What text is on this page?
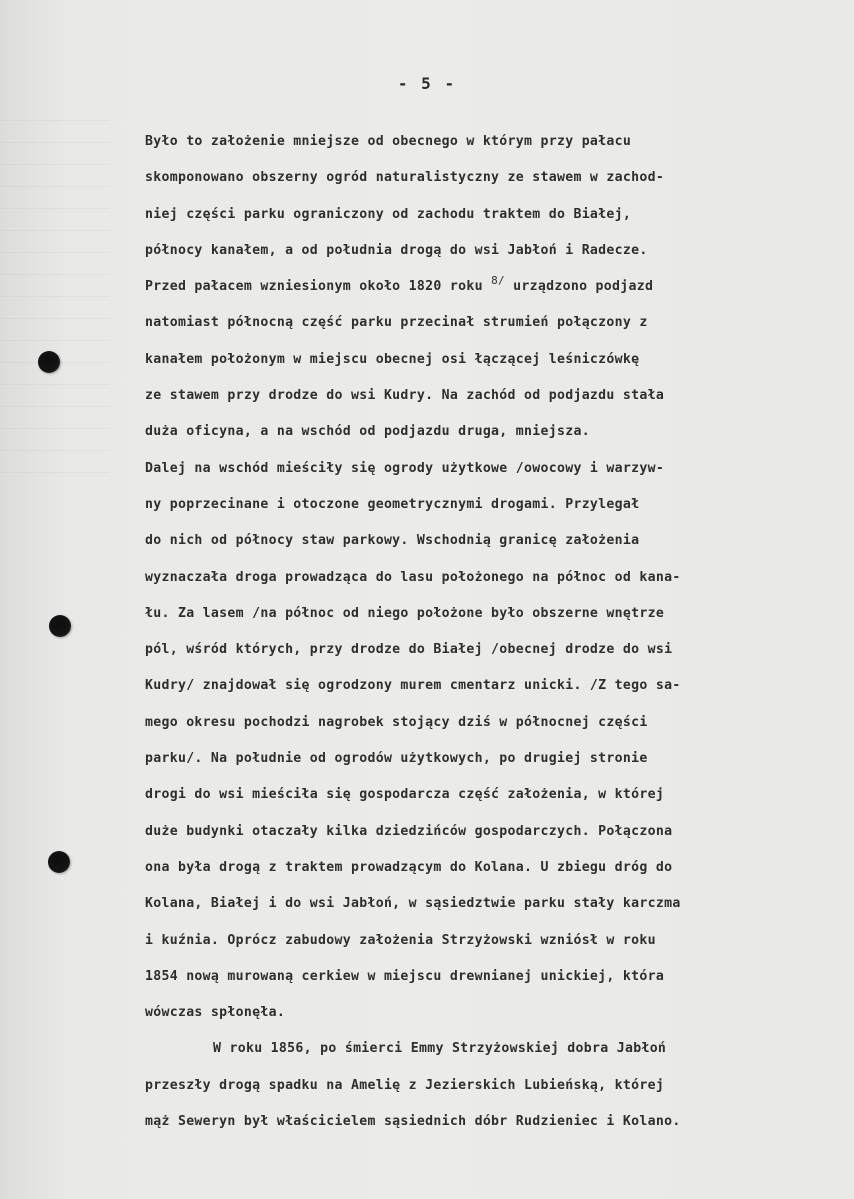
- 5 -
Było to założenie mniejsze od obecnego w którym przy pałacu
skomponowano obszerny ogród naturalistyczny ze stawem w zachod-
niej części parku ograniczony od zachodu traktem do Białej,
północy kanałem, a od południa drogą do wsi Jabłoń i Radecze.
Przed pałacem wzniesionym około 1820 roku $^{8/}$ urządzono podjazd
natomiast północną część parku przecinał strumień połączony z
kanałem położonym w miejscu obecnej osi łączącej leśniczówkę
ze stawem przy drodze do wsi Kudry. Na zachód od podjazdu stała
duża oficyna, a na wschód od podjazdu druga, mniejsza.
Dalej na wschód mieściły się ogrody użytkowe /owocowy i warzyw-
ny poprzecinane i otoczone geometrycznymi drogami. Przylegał
do nich od północy staw parkowy. Wschodnią granicę założenia
wyznaczała droga prowadząca do lasu położonego na północ od kana-
łu. Za lasem /na północ od niego położone było obszerne wnętrze
pól, wśród których, przy drodze do Białej /obecnej drodze do wsi
Kudry/ znajdował się ogrodzony murem cmentarz unicki. /Z tego sa-
mego okresu pochodzi nagrobek stojący dziś w północnej części
parku/. Na południe od ogrodów użytkowych, po drugiej stronie
drogi do wsi mieściła się gospodarcza część założenia, w której
duże budynki otaczały kilka dziedzińców gospodarczych. Połączona
ona była drogą z traktem prowadzącym do Kolana. U zbiegu dróg do
Kolana, Białej i do wsi Jabłoń, w sąsiedztwie parku stały karczma
i kuźnia. Oprócz zabudowy założenia Strzyżowski wzniósł w roku
1854 nową murowaną cerkiew w miejscu drewnianej unickiej, która
wówczas spłonęła.
W roku 1856, po śmierci Emmy Strzyżowskiej dobra Jabłoń
przeszły drogą spadku na Amelię z Jezierskich Lubieńską, której
mąż Seweryn był właścicielem sąsiednich dóbr Rudzieniec i Kolano.
